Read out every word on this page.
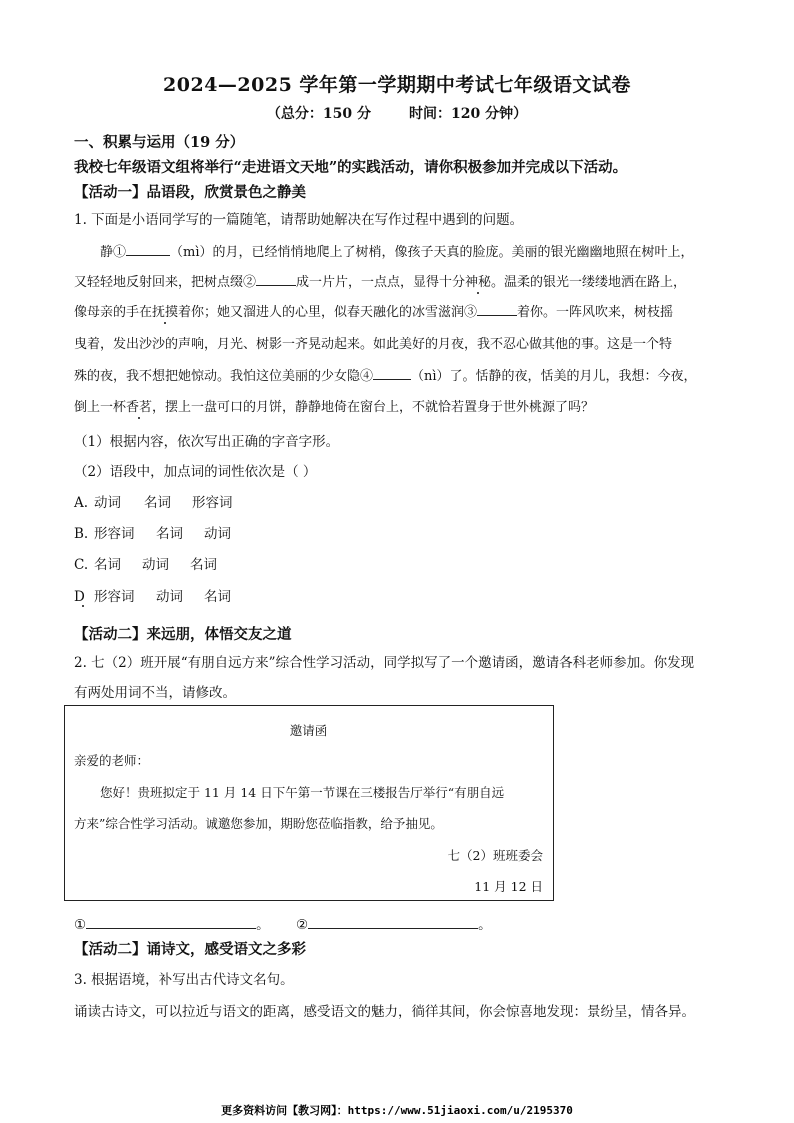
2024—2025 学年第一学期期中考试七年级语文试卷
（总分：150 分	时间：120 分钟）
一、积累与运用（19 分）
我校七年级语文组将举行“走进语文天地”的实践活动，请你积极参加并完成以下活动。
【活动一】品语段，欣赏景色之静美
1. 下面是小语同学写的一篇随笔，请帮助她解决在写作过程中遇到的问题。
静①	（mì）的月，已经悄悄地爬上了树梢，像孩子天真的脸庞。美丽的银光幽幽地照在树叶上，
又轻轻地反射回来，把树点缀②	成一片片，一点点，显得十分神秘。温柔的银光一缕缕地洒在路上，
像母亲的手在抚摸着你；她又溜进人的心里，似春天融化的冰雪滋润③	着你。一阵风吹来，树枝摇
曳着，发出沙沙的声响，月光、树影一齐晃动起来。如此美好的月夜，我不忍心做其他的事。这是一个特
殊的夜，我不想把她惊动。我怕这位美丽的少女隐④	（nì）了。恬静的夜，恬美的月儿，我想：今夜，
倒上一杯香茗，摆上一盘可口的月饼，静静地倚在窗台上，不就恰若置身于世外桃源了吗？
（1）根据内容，依次写出正确的字音字形。
（2）语段中，加点词的词性依次是（ ）
A. 动词 名词 形容词
B. 形容词 名词 动词
C. 名词 动词 名词
D 形容词 动词 名词
【活动二】来远朋，体悟交友之道
2. 七（2）班开展“有朋自远方来”综合性学习活动，同学拟写了一个邀请函，邀请各科老师参加。你发现
有两处用词不当，请修改。
邀请函
亲爱的老师：
您好！贵班拟定于 11 月 14 日下午第一节课在三楼报告厅举行“有朋自远
方来”综合性学习活动。诚邀您参加，期盼您莅临指教，给予抽见。
七（2）班班委会
11 月 12 日
①	。 ②	。
【活动二】诵诗文，感受语文之多彩
3. 根据语境，补写出古代诗文名句。
诵读古诗文，可以拉近与语文的距离，感受语文的魅力，徜徉其间，你会惊喜地发现：景纷呈，情各异。
更多资料访问【教习网】：https://www.51jiaoxi.com/u/2195370
